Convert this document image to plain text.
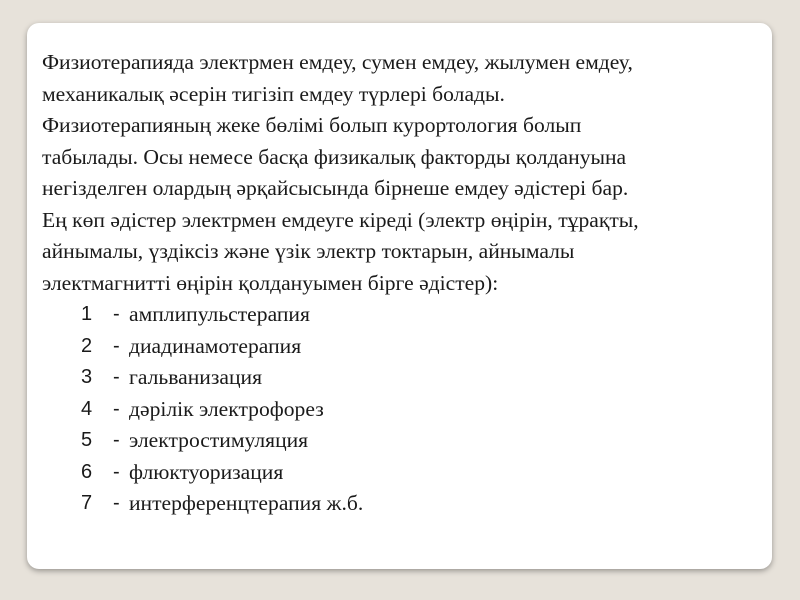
Физиотерапияда электрмен емдеу, сумен емдеу, жылумен емдеу,
механикалық әсерін тигізіп емдеу түрлері болады.
Физиотерапияның жеке бөлімі болып курортология болып
табылады. Осы немесе басқа физикалық факторды қолдануына
негізделген олардың әрқайсысында бірнеше емдеу әдістері бар.
Ең көп әдістер электрмен емдеуге кіреді (электр өңірін, тұрақты,
айнымалы, үздіксіз және үзік электр токтарын, айнымалы
электмагнитті өңірін қолдануымен бірге әдістер):
1	- амплипульстерапия
2	- диадинамотерапия
3	- гальванизация
4	- дәрілік электрофорез
5	- электростимуляция
6	- флюктуоризация
7	- интерференцтерапия ж.б.
